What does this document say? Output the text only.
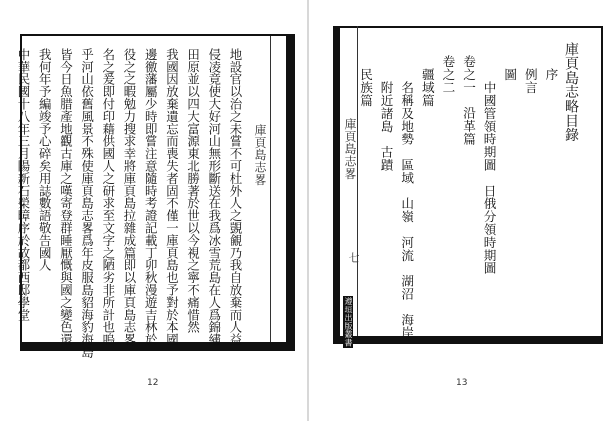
庫頁島志畧
地設官以治之未嘗不可杜外人之覬覦乃我自放棄而人益
侵凌竟使大好河山無形斷送在我爲冰雪荒島在人爲錦繡
田原並以四大富源東北勝著於世以今視之寧不痛惜然
我國因放棄遺忘而喪失者固不僅一庫頁島也予對於本國
邊徼藩屬少時即嘗注意隨時考證記載丁卯秋漫遊吉林於
役之之暇勉力搜求幸將庫頁島拉雜成篇即以庫頁島志畧
名之爰即付印藉供國人之研求至文字之陋劣非所計也嗚
乎河山依舊風景不殊使庫頁島志畧爲年皮服島貂海豹海島
皆今日魚腊產地觀古庫之嘆寄登群睡厭慨與國之變色還
我何年予編竣予心碎矣用誌數語敬告國人
中華民國十八年三月陽新石榮暲序於故都西邸學堂
12
庫頁島志畧
七
遵垣出版叢書
庫頁島志略目錄
序
例言
圖
中國管領時期圖　日俄分領時期圖
卷之一　沿革篇
卷之二
疆域篇
名稱及地勢　區域　山嶺　河流　湖沼　海岸
附近諸島　古蹟
民族篇
13
